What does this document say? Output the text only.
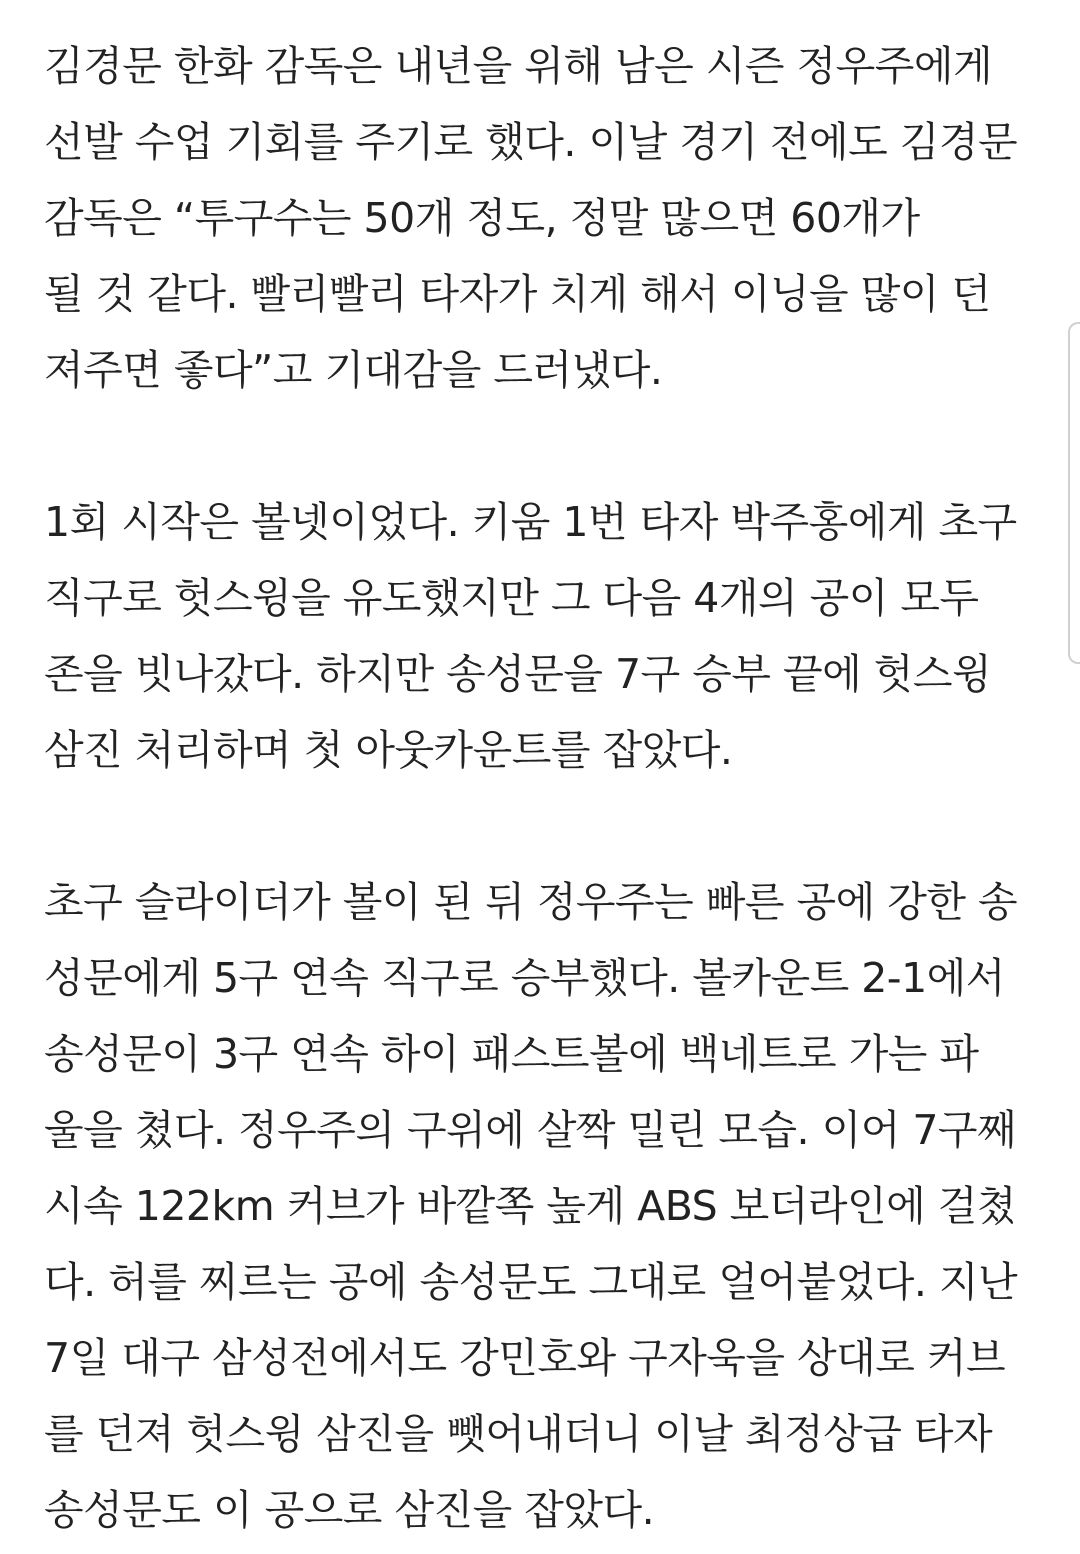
김경문 한화 감독은 내년을 위해 남은 시즌 정우주에게
선발 수업 기회를 주기로 했다. 이날 경기 전에도 김경문
감독은 “투구수는 50개 정도, 정말 많으면 60개가
될 것 같다. 빨리빨리 타자가 치게 해서 이닝을 많이 던
져주면 좋다”고 기대감을 드러냈다.

1회 시작은 볼넷이었다. 키움 1번 타자 박주홍에게 초구
직구로 헛스윙을 유도했지만 그 다음 4개의 공이 모두
존을 빗나갔다. 하지만 송성문을 7구 승부 끝에 헛스윙
삼진 처리하며 첫 아웃카운트를 잡았다.

초구 슬라이더가 볼이 된 뒤 정우주는 빠른 공에 강한 송
성문에게 5구 연속 직구로 승부했다. 볼카운트 2-1에서
송성문이 3구 연속 하이 패스트볼에 백네트로 가는 파
울을 쳤다. 정우주의 구위에 살짝 밀린 모습. 이어 7구째
시속 122km 커브가 바깥쪽 높게 ABS 보더라인에 걸쳤
다. 허를 찌르는 공에 송성문도 그대로 얼어붙었다. 지난
7일 대구 삼성전에서도 강민호와 구자욱을 상대로 커브
를 던져 헛스윙 삼진을 뺏어내더니 이날 최정상급 타자
송성문도 이 공으로 삼진을 잡았다.
